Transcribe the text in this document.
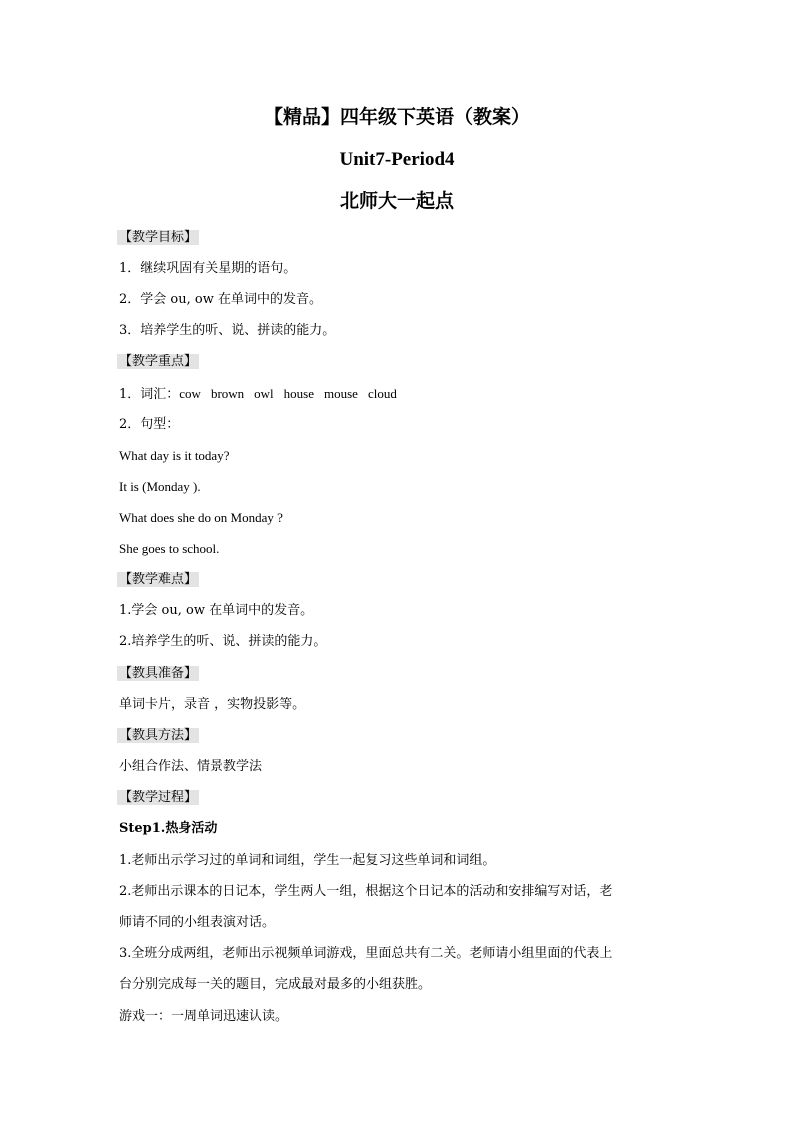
【精品】四年级下英语（教案）
Unit7-Period4
北师大一起点
【教学目标】
1．继续巩固有关星期的语句。
2．学会 ou, ow 在单词中的发音。
3．培养学生的听、说、拼读的能力。
【教学重点】
1．词汇：cow brown owl house mouse cloud
2．句型：
What day is it today?
It is (Monday ).
What does she do on Monday ?
She goes to school.
【教学难点】
1.学会 ou, ow 在单词中的发音。
2.培养学生的听、说、拼读的能力。
【教具准备】
单词卡片，录音 ，实物投影等。
【教具方法】
小组合作法、情景教学法
【教学过程】
Step1.热身活动
1.老师出示学习过的单词和词组，学生一起复习这些单词和词组。
2.老师出示课本的日记本，学生两人一组，根据这个日记本的活动和安排编写对话，老
师请不同的小组表演对话。
3.全班分成两组，老师出示视频单词游戏，里面总共有二关。老师请小组里面的代表上
台分别完成每一关的题目，完成最对最多的小组获胜。
游戏一：一周单词迅速认读。
